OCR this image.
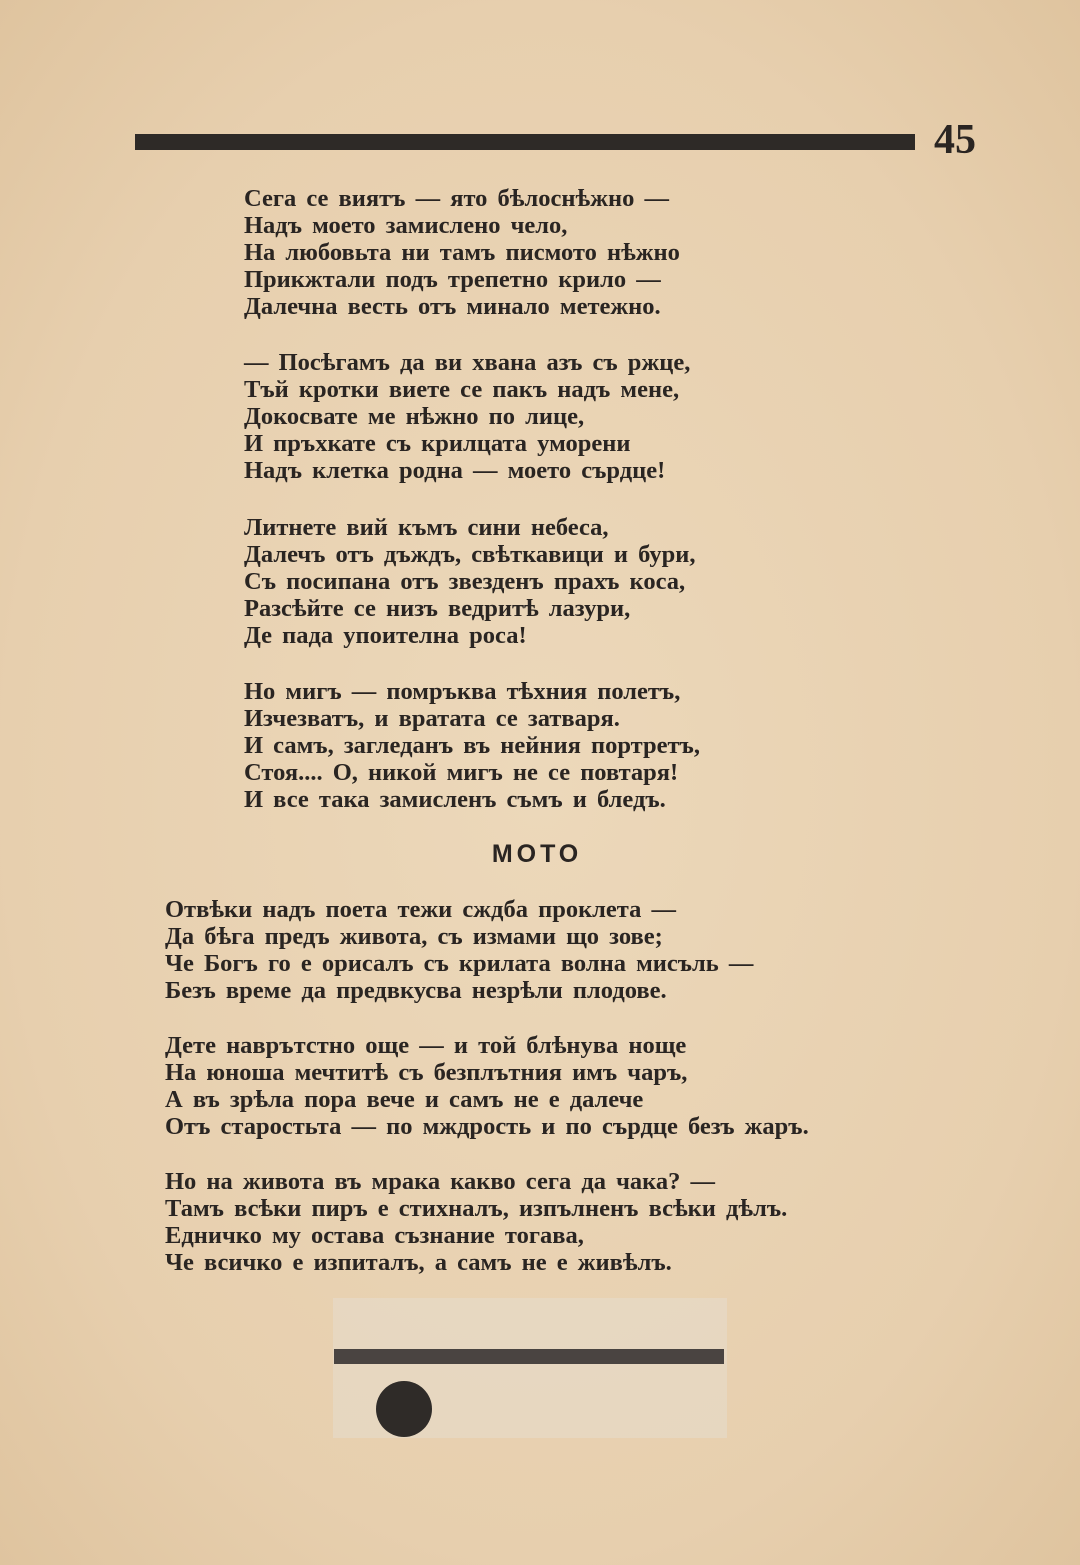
45
Сега се виятъ — ято бѣлоснѣжно —
Надъ моето замислено чело,
На любовьта ни тамъ писмото нѣжно
Прикжтали подъ трепетно крило —
Далечна весть отъ минало метежно.
— Посѣгамъ да ви хвана азъ съ ржце,
Тъй кротки виете се пакъ надъ мене,
Докосвате ме нѣжно по лице,
И пръхкате съ крилцата уморени
Надъ клетка родна — моето сърдце!
Литнете вий къмъ сини небеса,
Далечъ отъ дъждъ, свѣткавици и бури,
Съ посипана отъ звезденъ прахъ коса,
Разсѣйте се низъ ведритѣ лазури,
Де пада упоителна роса!
Но мигъ — помръква тѣхния полетъ,
Изчезватъ, и вратата се затваря.
И самъ, загледанъ въ нейния портретъ,
Стоя.... О, никой мигъ не се повтаря!
И все така замисленъ съмъ и бледъ.
МОТО
Отвѣки надъ поета тежи сждба проклета —
Да бѣга предъ живота, съ измами що зове;
Че Богъ го е орисалъ съ крилата волна мисъль —
Безъ време да предвкусва незрѣли плодове.
Дете наврътстно още — и той блѣнува нощe
На юноша мечтитѣ съ безплътния имъ чаръ,
А въ зрѣла пора вече и самъ не е далече
Отъ старостьта — по мждрость и по сърдце безъ жаръ.
Но на живота въ мрака какво сега да чака? —
Тамъ всѣки пиръ е стихналъ, изпълненъ всѣки дѣлъ.
Едничко му остава съзнание тогава,
Че всичко е изпиталъ, а самъ не е живѣлъ.
